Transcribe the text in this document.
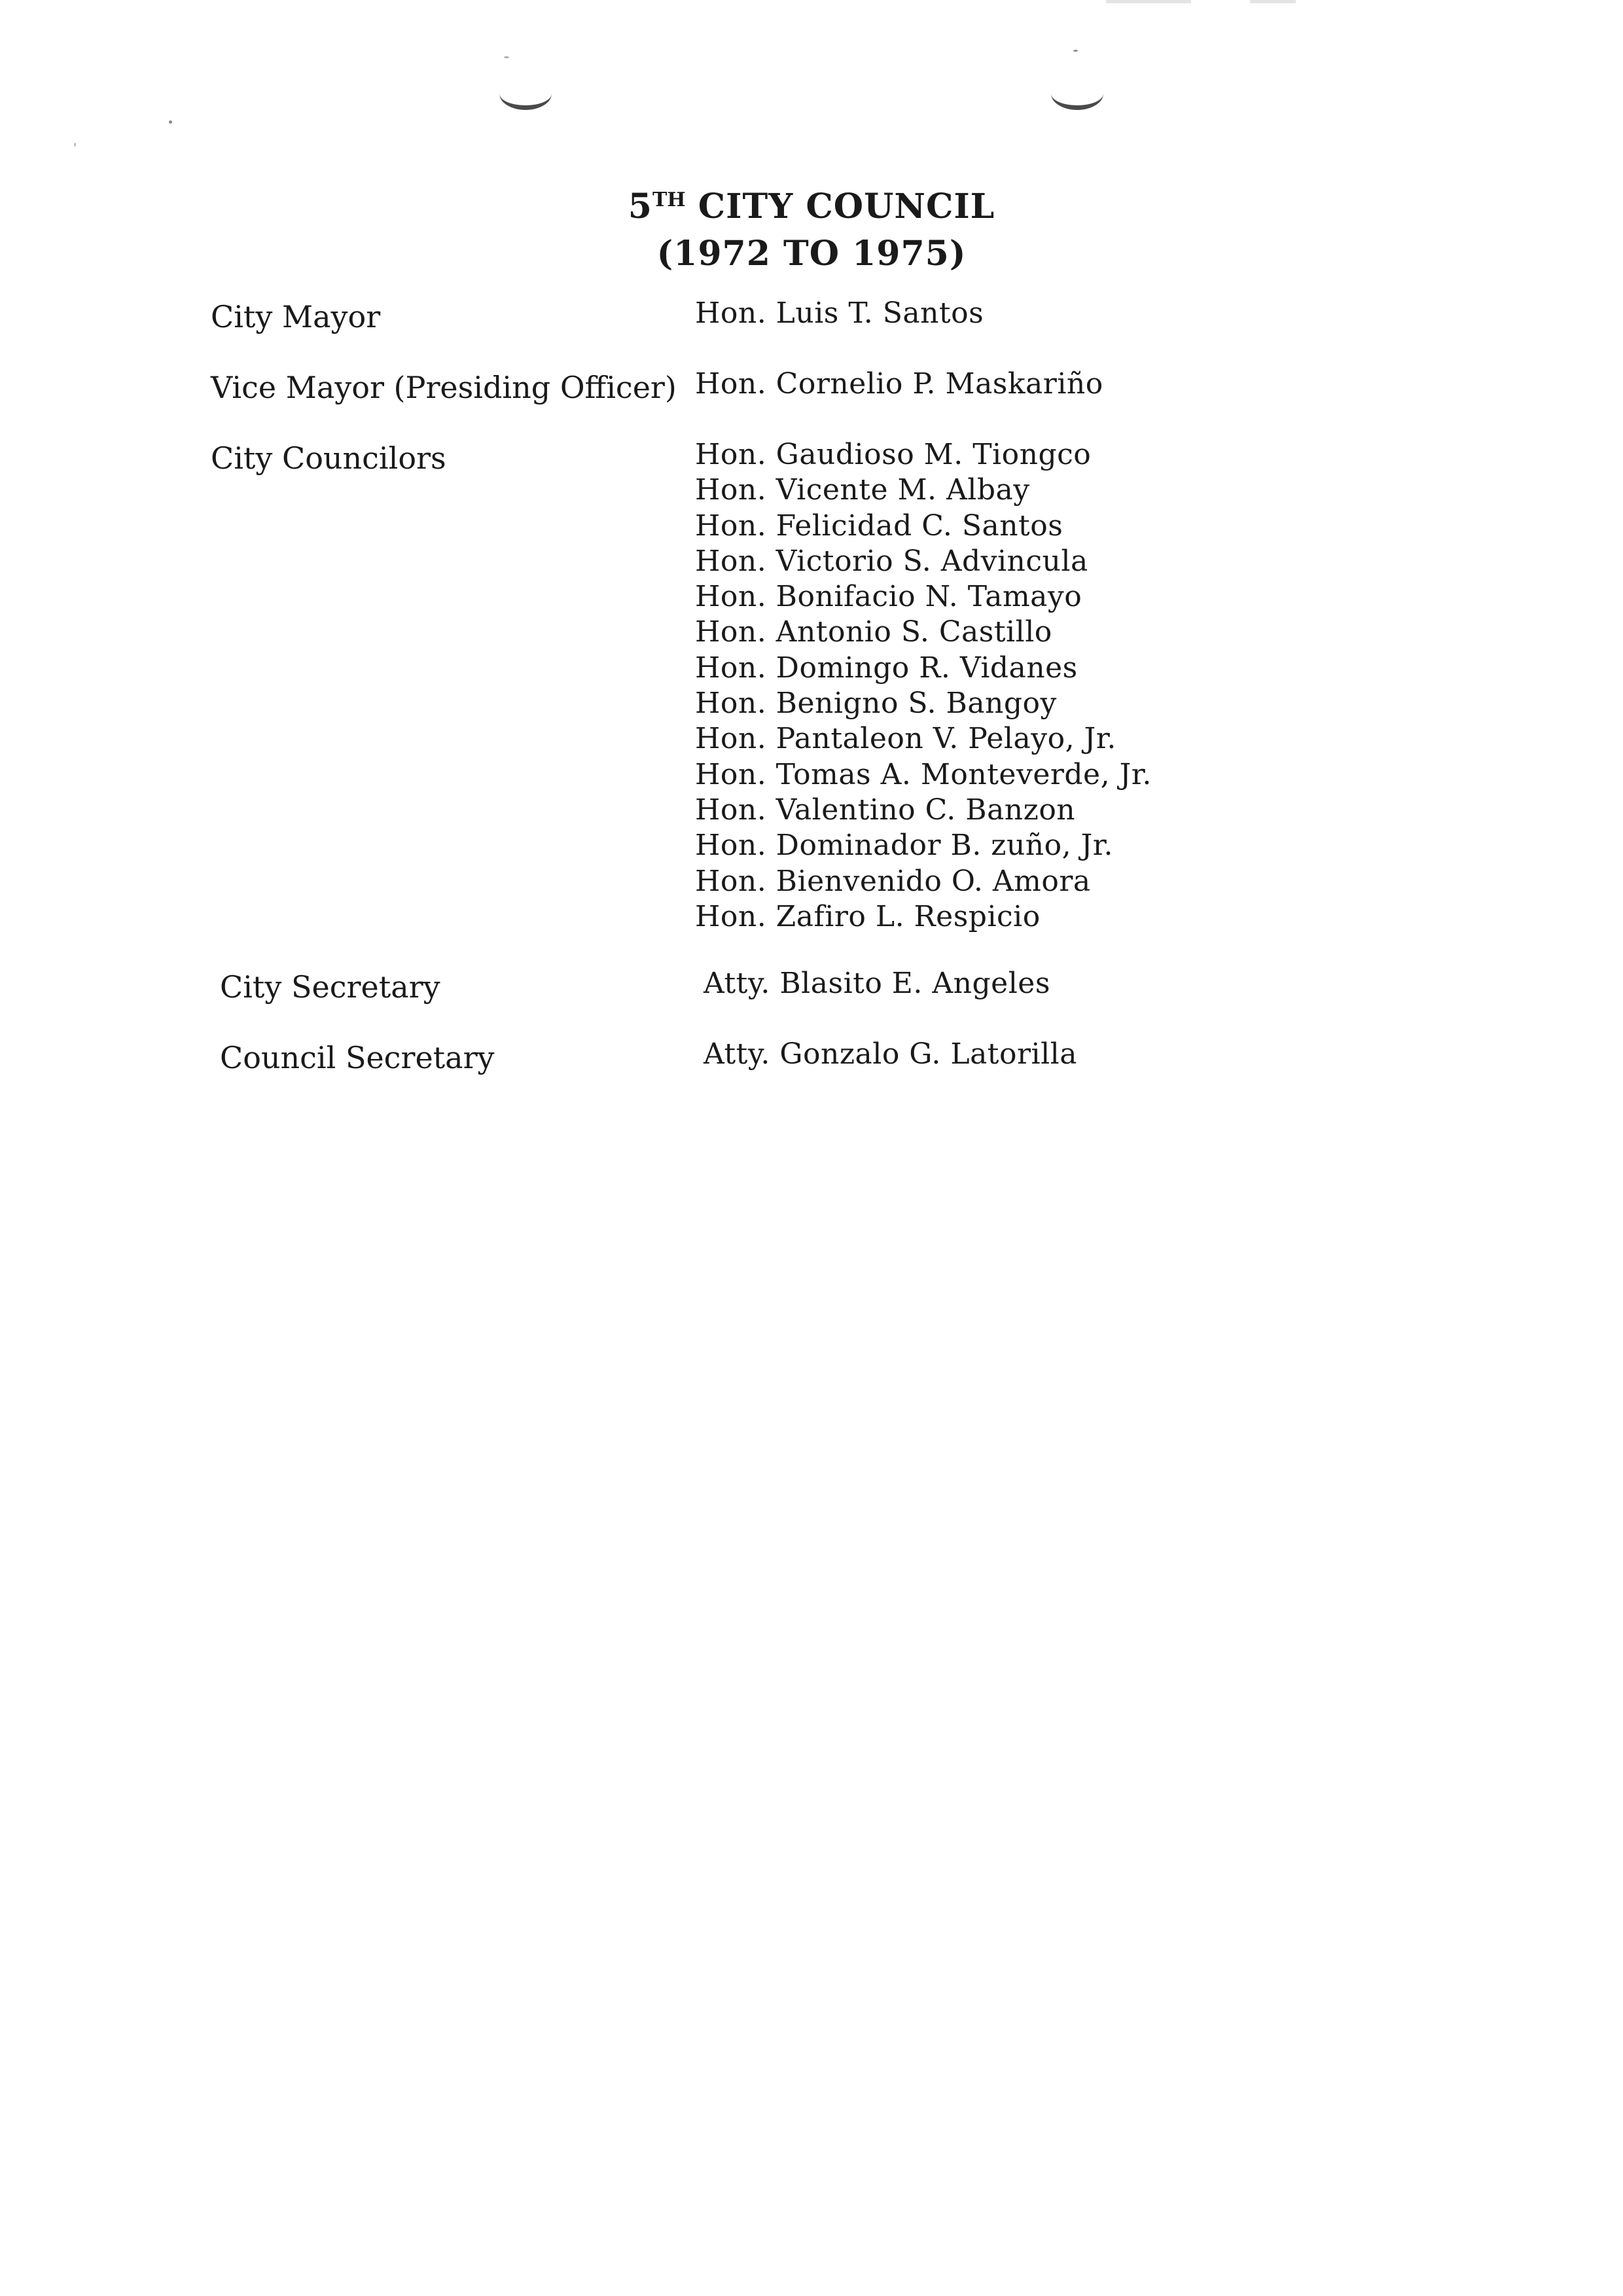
5TH CITY COUNCIL
(1972 TO 1975)
City Mayor	Hon. Luis T. Santos
Vice Mayor (Presiding Officer) Hon. Cornelio P. Maskariño
City Councilors	Hon. Gaudioso M. Tiongco
Hon. Vicente M. Albay
Hon. Felicidad C. Santos
Hon. Victorio S. Advincula
Hon. Bonifacio N. Tamayo
Hon. Antonio S. Castillo
Hon. Domingo R. Vidanes
Hon. Benigno S. Bangoy
Hon. Pantaleon V. Pelayo, Jr.
Hon. Tomas A. Monteverde, Jr.
Hon. Valentino C. Banzon
Hon. Dominador B. zuño, Jr.
Hon. Bienvenido O. Amora
Hon. Zafiro L. Respicio
City Secretary	Atty. Blasito E. Angeles
Council Secretary	Atty. Gonzalo G. Latorilla
